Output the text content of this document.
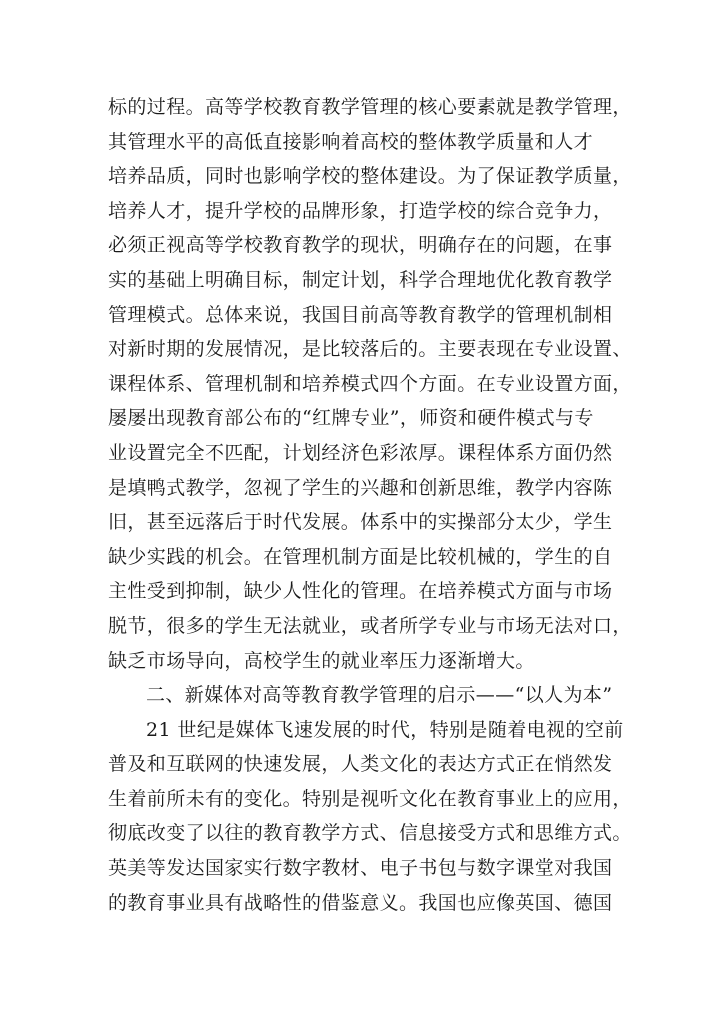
标的过程。高等学校教育教学管理的核心要素就是教学管理，
其管理水平的高低直接影响着高校的整体教学质量和人才
培养品质，同时也影响学校的整体建设。为了保证教学质量，
培养人才，提升学校的品牌形象，打造学校的综合竞争力，
必须正视高等学校教育教学的现状，明确存在的问题，在事
实的基础上明确目标，制定计划，科学合理地优化教育教学
管理模式。总体来说，我国目前高等教育教学的管理机制相
对新时期的发展情况，是比较落后的。主要表现在专业设置、
课程体系、管理机制和培养模式四个方面。在专业设置方面，
屡屡出现教育部公布的“红牌专业”，师资和硬件模式与专
业设置完全不匹配，计划经济色彩浓厚。课程体系方面仍然
是填鸭式教学，忽视了学生的兴趣和创新思维，教学内容陈
旧，甚至远落后于时代发展。体系中的实操部分太少，学生
缺少实践的机会。在管理机制方面是比较机械的，学生的自
主性受到抑制，缺少人性化的管理。在培养模式方面与市场
脱节，很多的学生无法就业，或者所学专业与市场无法对口，
缺乏市场导向，高校学生的就业率压力逐渐增大。
二、新媒体对高等教育教学管理的启示——“以人为本”
21 世纪是媒体飞速发展的时代，特别是随着电视的空前
普及和互联网的快速发展，人类文化的表达方式正在悄然发
生着前所未有的变化。特别是视听文化在教育事业上的应用，
彻底改变了以往的教育教学方式、信息接受方式和思维方式。
英美等发达国家实行数字教材、电子书包与数字课堂对我国
的教育事业具有战略性的借鉴意义。我国也应像英国、德国
